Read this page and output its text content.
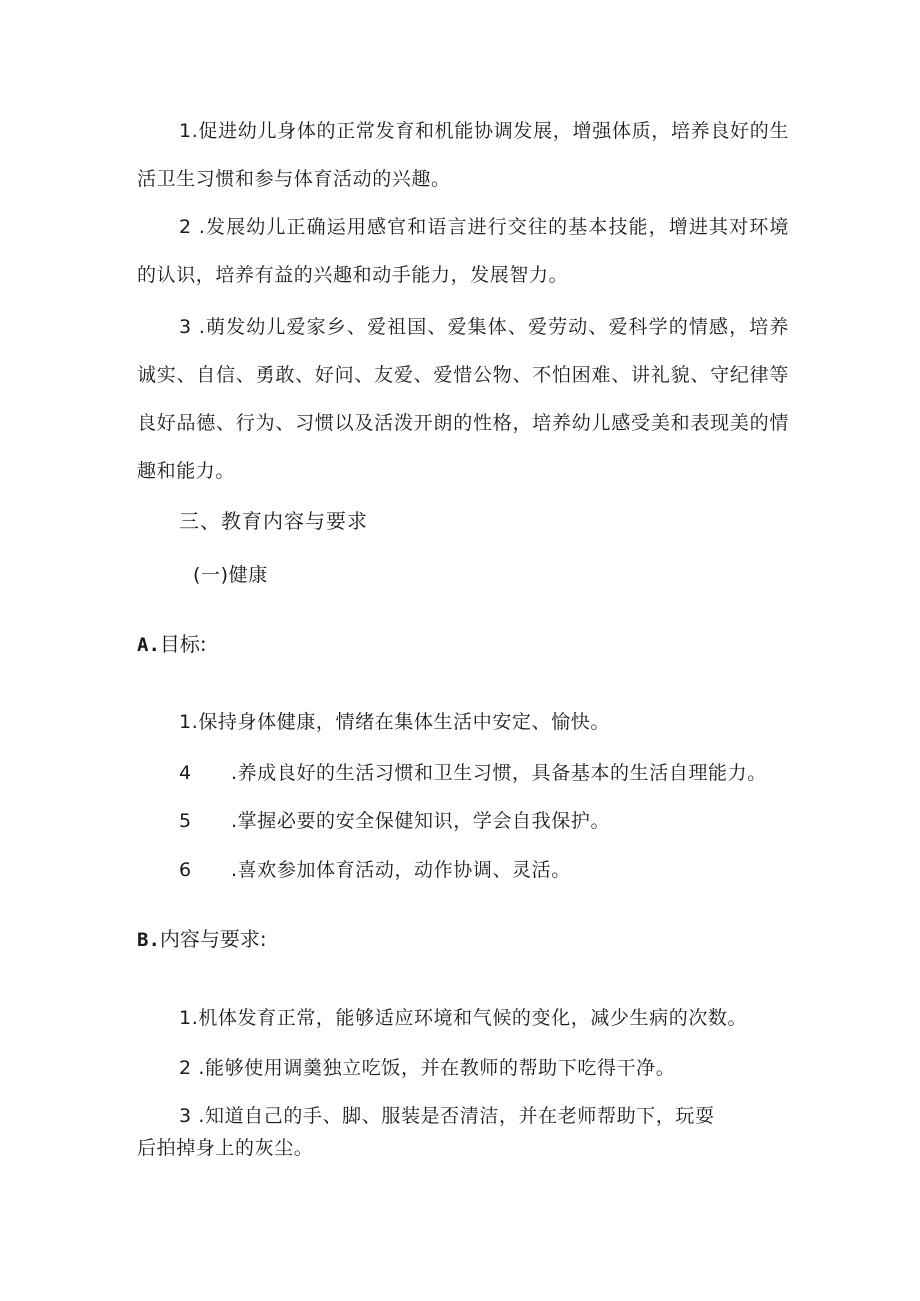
1.促进幼儿身体的正常发育和机能协调发展，增强体质，培养良好的生活卫生习惯和参与体育活动的兴趣。

2 .发展幼儿正确运用感官和语言进行交往的基本技能，增进其对环境的认识，培养有益的兴趣和动手能力，发展智力。

3 .萌发幼儿爱家乡、爱祖国、爱集体、爱劳动、爱科学的情感，培养诚实、自信、勇敢、好问、友爱、爱惜公物、不怕困难、讲礼貌、守纪律等良好品德、行为、习惯以及活泼开朗的性格，培养幼儿感受美和表现美的情趣和能力。

三、教育内容与要求
(一)健康
A.目标:
1.保持身体健康，情绪在集体生活中安定、愉快。
4 .养成良好的生活习惯和卫生习惯，具备基本的生活自理能力。
5 .掌握必要的安全保健知识，学会自我保护。
6 .喜欢参加体育活动，动作协调、灵活。
B.内容与要求:
1.机体发育正常，能够适应环境和气候的变化，减少生病的次数。
2 .能够使用调羹独立吃饭，并在教师的帮助下吃得干净。
3 .知道自己的手、脚、服装是否清洁，并在老师帮助下，玩耍
后拍掉身上的灰尘。
